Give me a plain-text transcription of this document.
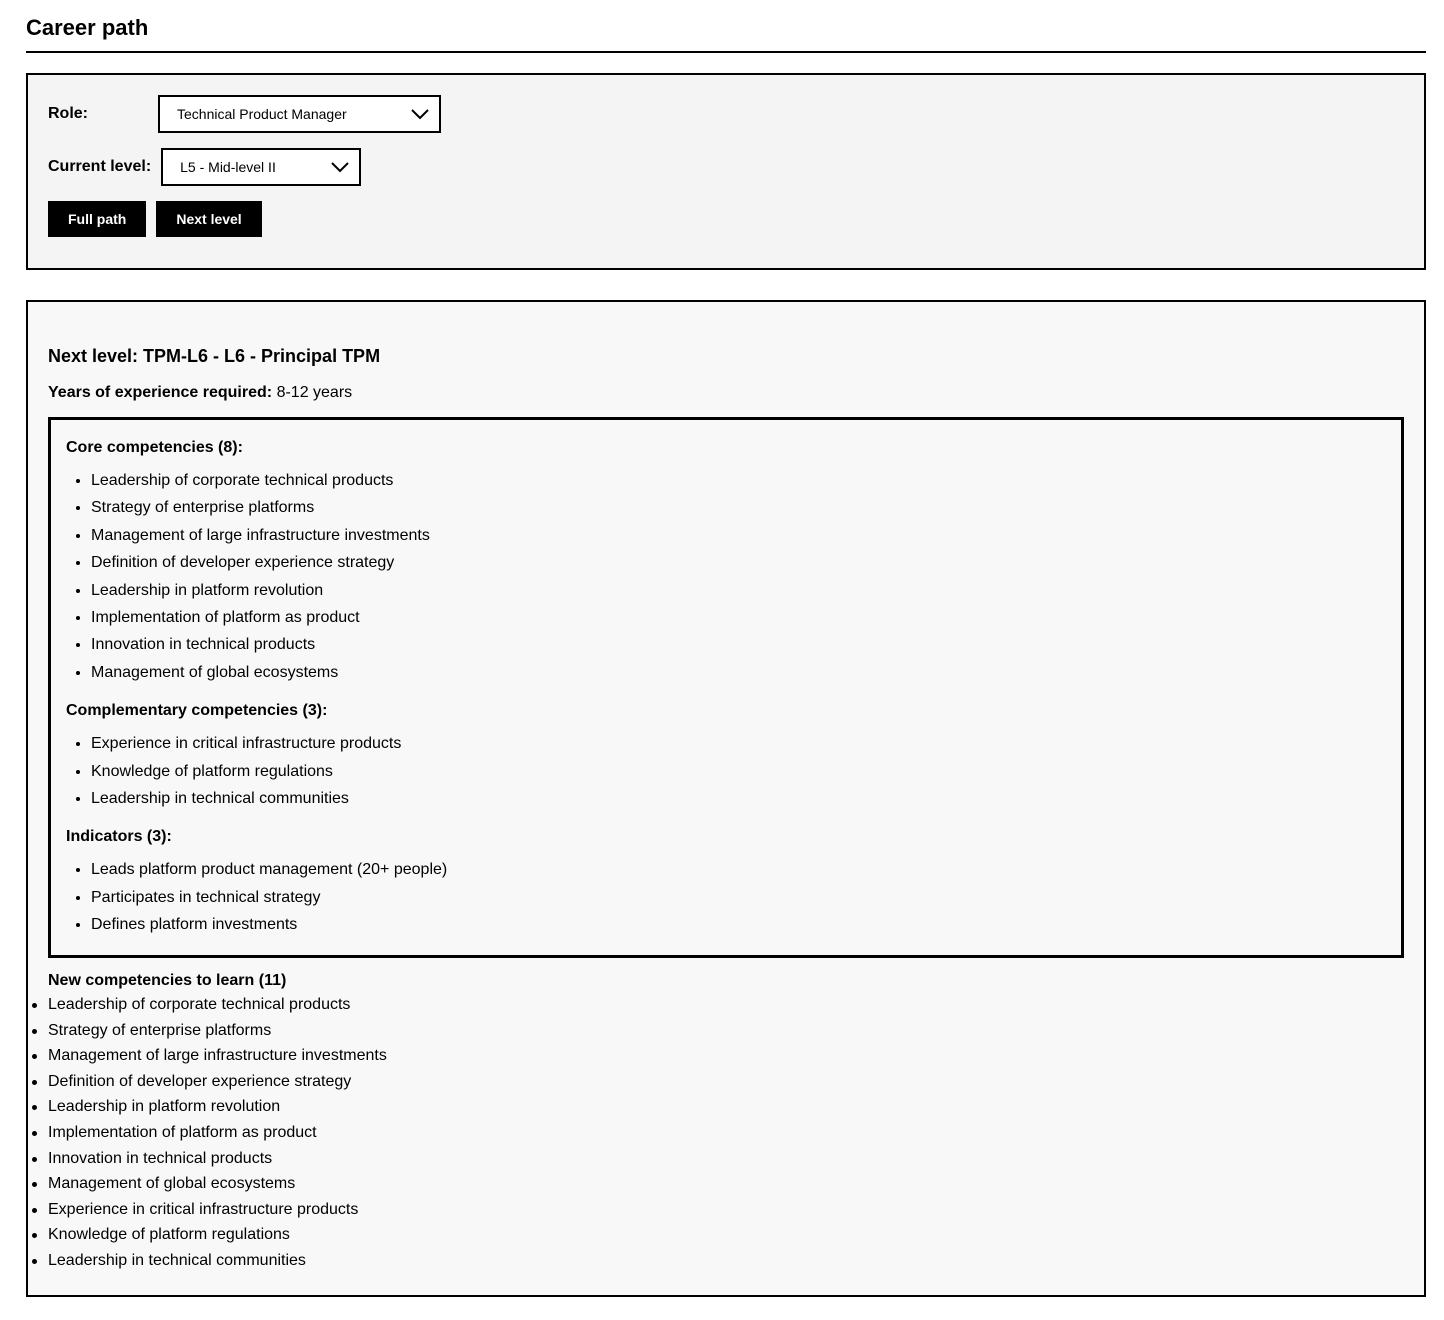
Career path
Role:	Technical Product Manager
Current level: L5 - Mid-level II
Full path	Next level
Next level: TPM-L6 - L6 - Principal TPM
Years of experience required: 8-12 years

Core competencies (8):

• Leadership of corporate technical products
• Strategy of enterprise platforms
• Management of large infrastructure investments
• Definition of developer experience strategy
• Leadership in platform revolution
• Implementation of platform as product
• Innovation in technical products
• Management of global ecosystems

Complementary competencies (3):

• Experience in critical infrastructure products
• Knowledge of platform regulations
• Leadership in technical communities

Indicators (3):

• Leads platform product management (20+ people)
• Participates in technical strategy
• Defines platform investments

New competencies to learn (11)

Leadership of corporate technical products
Strategy of enterprise platforms
Management of large infrastructure investments
Definition of developer experience strategy
Leadership in platform revolution
Implementation of platform as product
Innovation in technical products
Management of global ecosystems
Experience in critical infrastructure products
Knowledge of platform regulations
Leadership in technical communities
